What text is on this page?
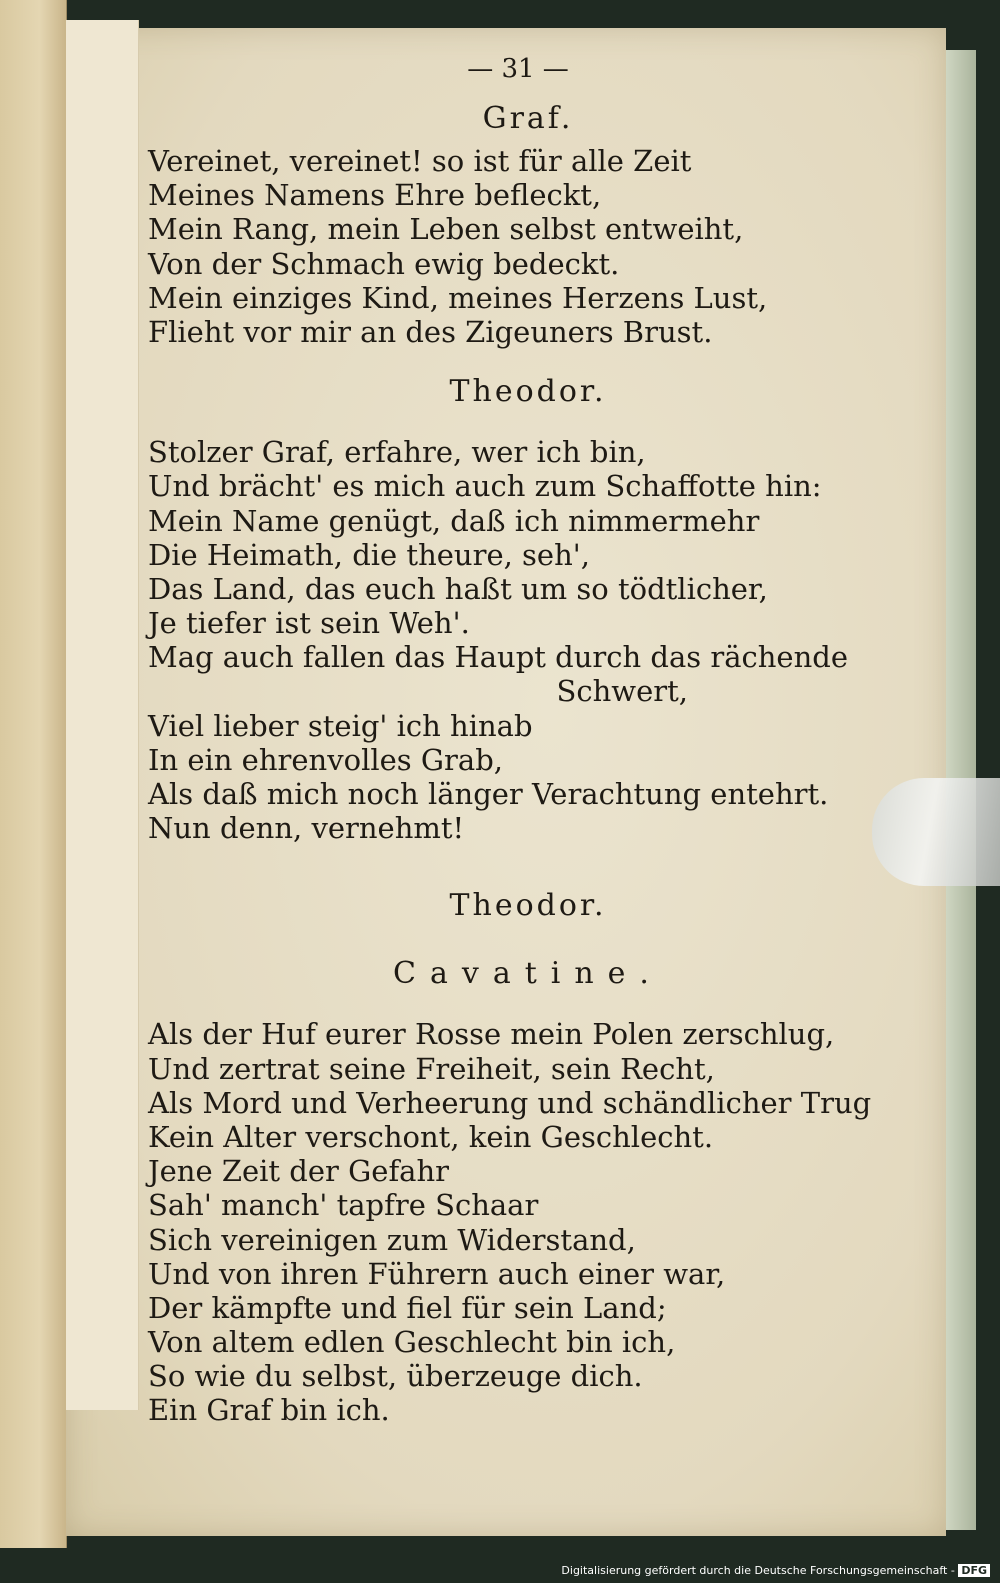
— 31 —
Graf.
Vereinet, vereinet! so ist für alle Zeit
Meines Namens Ehre befleckt,
Mein Rang, mein Leben selbst entweiht,
Von der Schmach ewig bedeckt.
Mein einziges Kind, meines Herzens Lust,
Flieht vor mir an des Zigeuners Brust.
Theodor.
Stolzer Graf, erfahre, wer ich bin,
Und brächt' es mich auch zum Schaffotte hin:
Mein Name genügt, daß ich nimmermehr
Die Heimath, die theure, seh',
Das Land, das euch haßt um so tödtlicher,
Je tiefer ist sein Weh'.
Mag auch fallen das Haupt durch das rächende
Schwert,
Viel lieber steig' ich hinab
In ein ehrenvolles Grab,
Als daß mich noch länger Verachtung entehrt.
Nun denn, vernehmt!
Theodor.
Cavatine.
Als der Huf eurer Rosse mein Polen zerschlug,
Und zertrat seine Freiheit, sein Recht,
Als Mord und Verheerung und schändlicher Trug
Kein Alter verschont, kein Geschlecht.
Jene Zeit der Gefahr
Sah' manch' tapfre Schaar
Sich vereinigen zum Widerstand,
Und von ihren Führern auch einer war,
Der kämpfte und fiel für sein Land;
Von altem edlen Geschlecht bin ich,
So wie du selbst, überzeuge dich.
Ein Graf bin ich.
Digitalisierung gefördert durch die Deutsche Forschungsgemeinschaft - DFG
